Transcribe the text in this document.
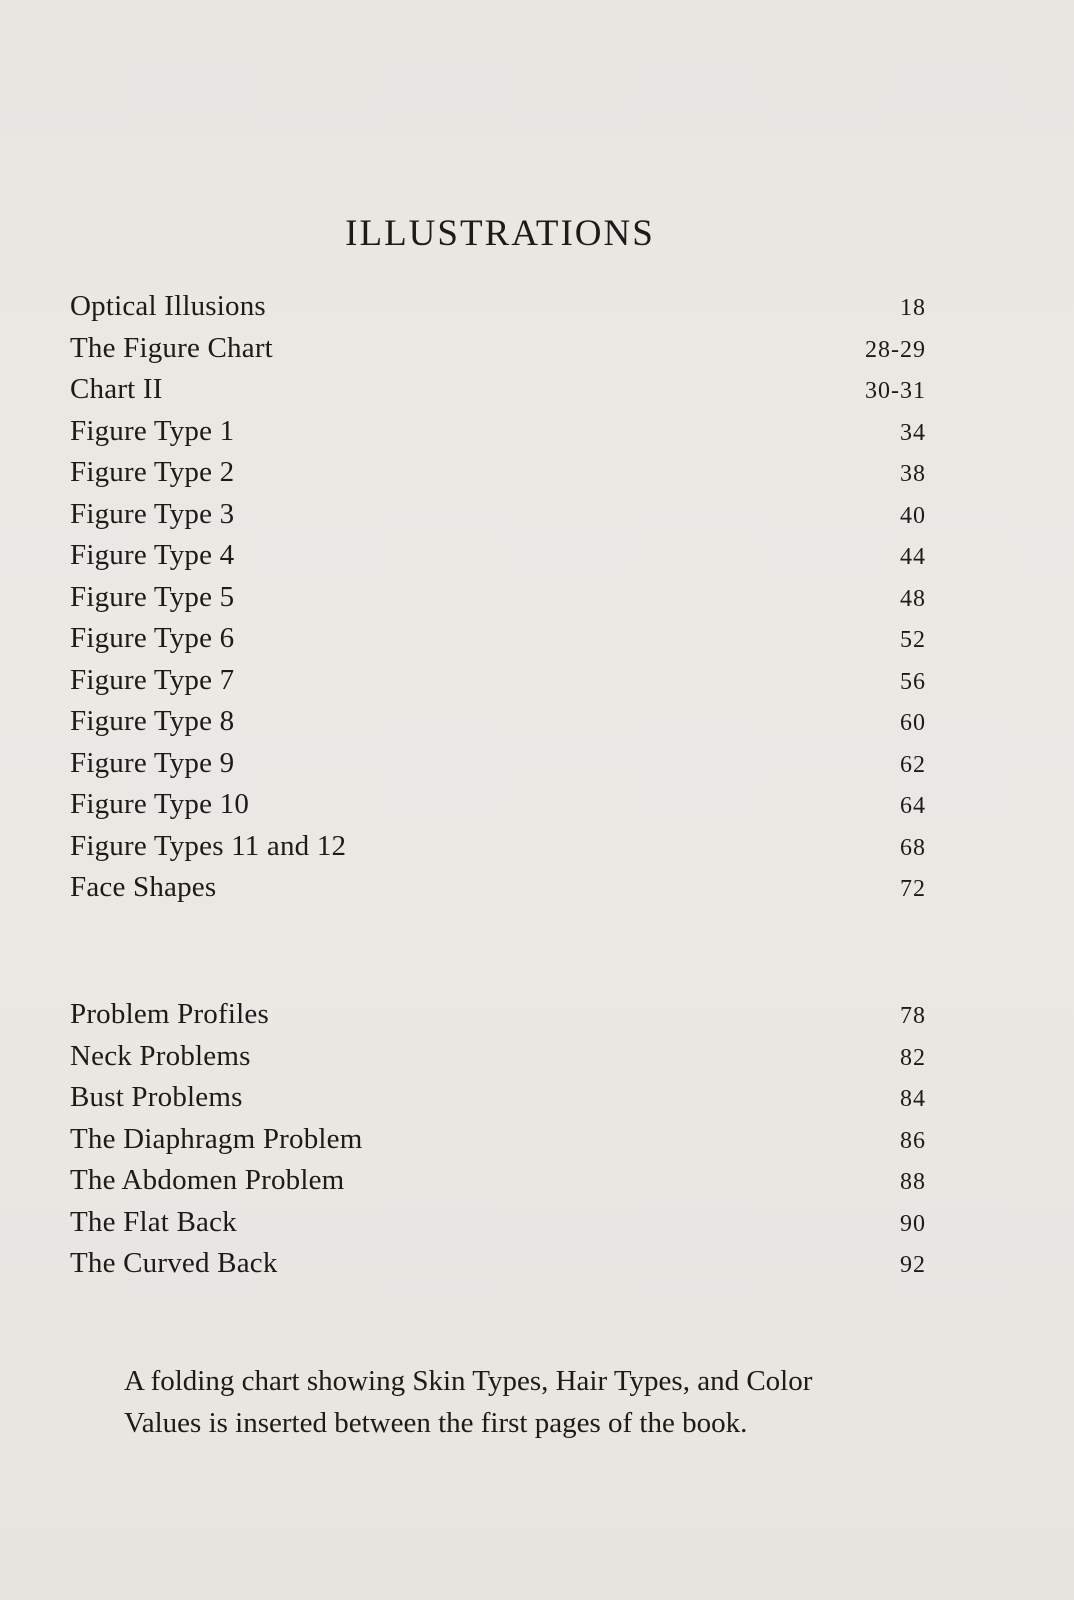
ILLUSTRATIONS
Optical Illusions	18
The Figure Chart	28-29
Chart II	30-31
Figure Type 1	34
Figure Type 2	38
Figure Type 3	40
Figure Type 4	44
Figure Type 5	48
Figure Type 6	52
Figure Type 7	56
Figure Type 8	60
Figure Type 9	62
Figure Type 10	64
Figure Types 11 and 12	68
Face Shapes	72
Problem Profiles	78
Neck Problems	82
Bust Problems	84
The Diaphragm Problem	86
The Abdomen Problem	88
The Flat Back	90
The Curved Back	92

A folding chart showing Skin Types, Hair Types, and Color Values is inserted between the first pages of the book.
